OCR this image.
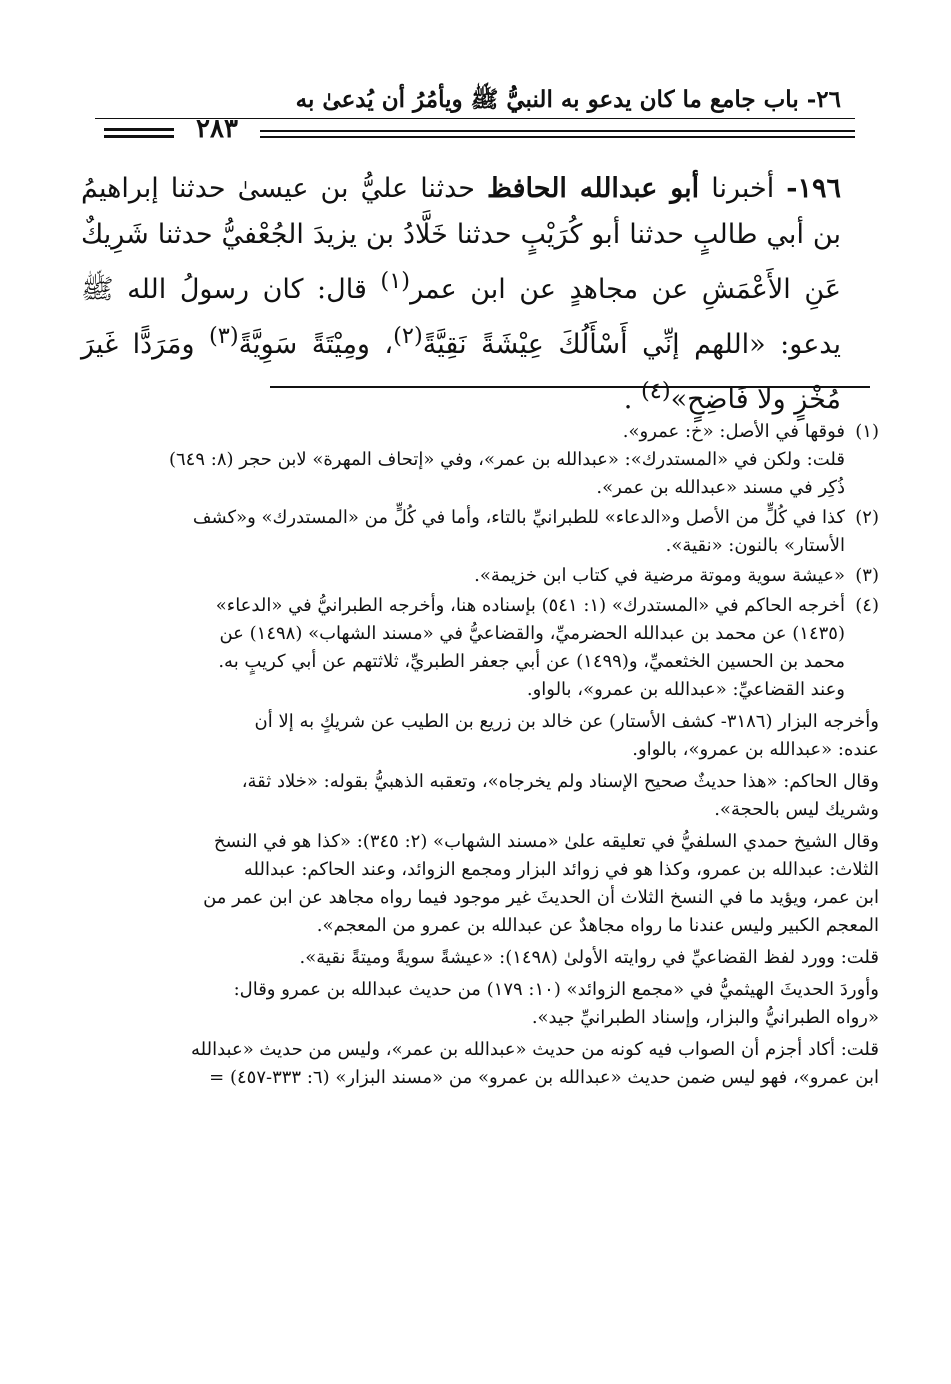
٢٦- باب جامع ما كان يدعو به النبيُّ ﷺ ويأمُرُ أن يُدعىٰ به
٢٨٣

١٩٦- أخبرنا أبو عبدالله الحافظ حدثنا عليُّ بن عيسىٰ حدثنا إبراهيمُ بن أبي طالبٍ حدثنا أبو كُرَيْبٍ حدثنا خَلَّادُ بن يزيدَ الجُعْفيُّ حدثنا شَرِيكٌ عَنِ الأَعْمَشِ عن مجاهدٍ عن ابن عمر$^{(١)}$ قال: كان رسولُ الله ﷺ يدعو: «اللهم إنِّي أَسْأَلُكَ عِيْشَةً نَقِيَّةً$^{(٢)}$، ومِيْتَةً سَوِيَّةً$^{(٣)}$ ومَرَدًّا غَيرَ مُخْزٍ ولا فَاضِحٍ»$^{(٤)}$ .

(١)
فوقها في الأصل: «خ: عمرو».
قلت: ولكن في «المستدرك»: «عبدالله بن عمر»، وفي «إتحاف المهرة» لابن حجر (٨: ٦٤٩)
ذُكِر في مسند «عبدالله بن عمر».
(٢)
كذا في كُلٍّ من الأصل و«الدعاء» للطبرانيِّ بالتاء، وأما في كُلٍّ من «المستدرك» و«كشف
الأستار» بالنون: «نقية».
(٣)
«عيشة سوية وموتة مرضية في كتاب ابن خزيمة».
(٤)
أخرجه الحاكم في «المستدرك» (١: ٥٤١) بإسناده هنا، وأخرجه الطبرانيُّ في «الدعاء»
(١٤٣٥) عن محمد بن عبدالله الحضرميِّ، والقضاعيُّ في «مسند الشهاب» (١٤٩٨) عن
محمد بن الحسين الخثعميِّ، و(١٤٩٩) عن أبي جعفر الطبريِّ، ثلاثتهم عن أبي كريبٍ به.
وعند القضاعيِّ: «عبدالله بن عمرو»، بالواو.
وأخرجه البزار (٣١٨٦- كشف الأستار) عن خالد بن زريع بن الطيب عن شريكٍ به إلا أن
عنده: «عبدالله بن عمرو»، بالواو.
وقال الحاكم: «هذا حديثٌ صحيح الإسناد ولم يخرجاه»، وتعقبه الذهبيُّ بقوله: «خلاد ثقة،
وشريك ليس بالحجة».
وقال الشيخ حمدي السلفيُّ في تعليقه علىٰ «مسند الشهاب» (٢: ٣٤٥): «كذا هو في النسخ
الثلاث: عبدالله بن عمرو، وكذا هو في زوائد البزار ومجمع الزوائد، وعند الحاكم: عبدالله
ابن عمر، ويؤيد ما في النسخ الثلاث أن الحديثَ غير موجود فيما رواه مجاهد عن ابن عمر من
المعجم الكبير وليس عندنا ما رواه مجاهدٌ عن عبدالله بن عمرو من المعجم».
قلت: وورد لفظ القضاعيِّ في روايته الأولىٰ (١٤٩٨): «عيشةً سويةً وميتةً نقية».
وأوردَ الحديثَ الهيثميُّ في «مجمع الزوائد» (١٠: ١٧٩) من حديث عبدالله بن عمرو وقال:
«رواه الطبرانيُّ والبزار، وإسناد الطبرانيِّ جيد».
قلت: أكاد أجزم أن الصواب فيه كونه من حديث «عبدالله بن عمر»، وليس من حديث «عبدالله
ابن عمرو»، فهو ليس ضمن حديث «عبدالله بن عمرو» من «مسند البزار» (٦: ٣٣٣-٤٥٧) =
